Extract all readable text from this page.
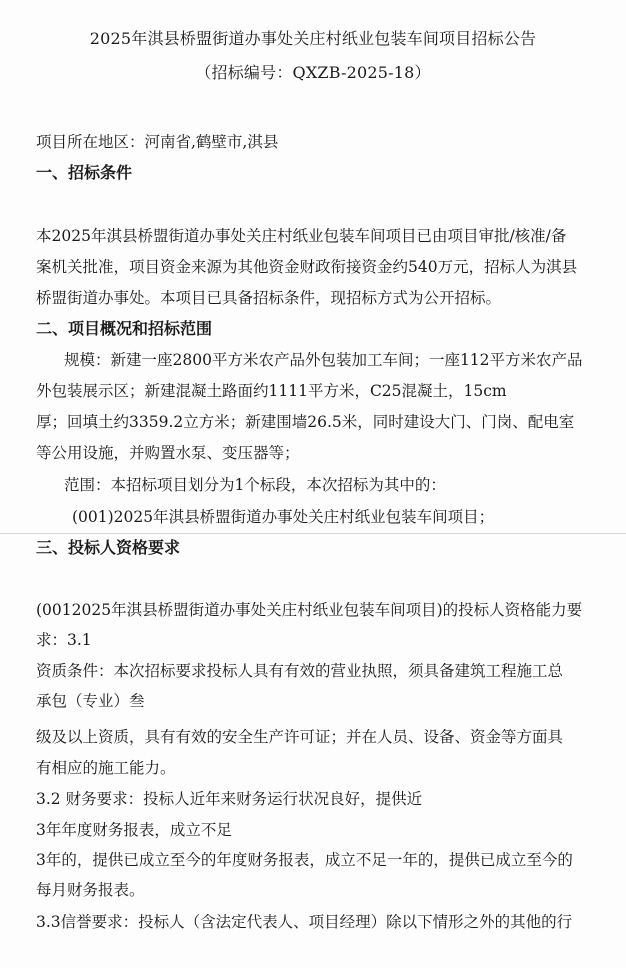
2025年淇县桥盟街道办事处关庄村纸业包装车间项目招标公告
（招标编号：QXZB-2025-18）
项目所在地区：河南省,鹤壁市,淇县
一、招标条件
本2025年淇县桥盟街道办事处关庄村纸业包装车间项目已由项目审批/核准/备
案机关批准，项目资金来源为其他资金财政衔接资金约540万元，招标人为淇县
桥盟街道办事处。本项目已具备招标条件，现招标方式为公开招标。
二、项目概况和招标范围
规模：新建一座2800平方米农产品外包装加工车间；一座112平方米农产品
外包装展示区；新建混凝土路面约1111平方米，C25混凝土，15cm
厚；回填土约3359.2立方米；新建围墙26.5米，同时建设大门、门岗、配电室
等公用设施，并购置水泵、变压器等；
范围：本招标项目划分为1个标段，本次招标为其中的：
(001)2025年淇县桥盟街道办事处关庄村纸业包装车间项目；
三、投标人资格要求
(0012025年淇县桥盟街道办事处关庄村纸业包装车间项目)的投标人资格能力要
求：3.1
资质条件：本次招标要求投标人具有有效的营业执照，须具备建筑工程施工总
承包（专业）叁
级及以上资质，具有有效的安全生产许可证；并在人员、设备、资金等方面具
有相应的施工能力。
3.2 财务要求：投标人近年来财务运行状况良好，提供近
3年年度财务报表，成立不足
3年的，提供已成立至今的年度财务报表，成立不足一年的，提供已成立至今的
每月财务报表。
3.3信誉要求：投标人（含法定代表人、项目经理）除以下情形之外的其他的行
